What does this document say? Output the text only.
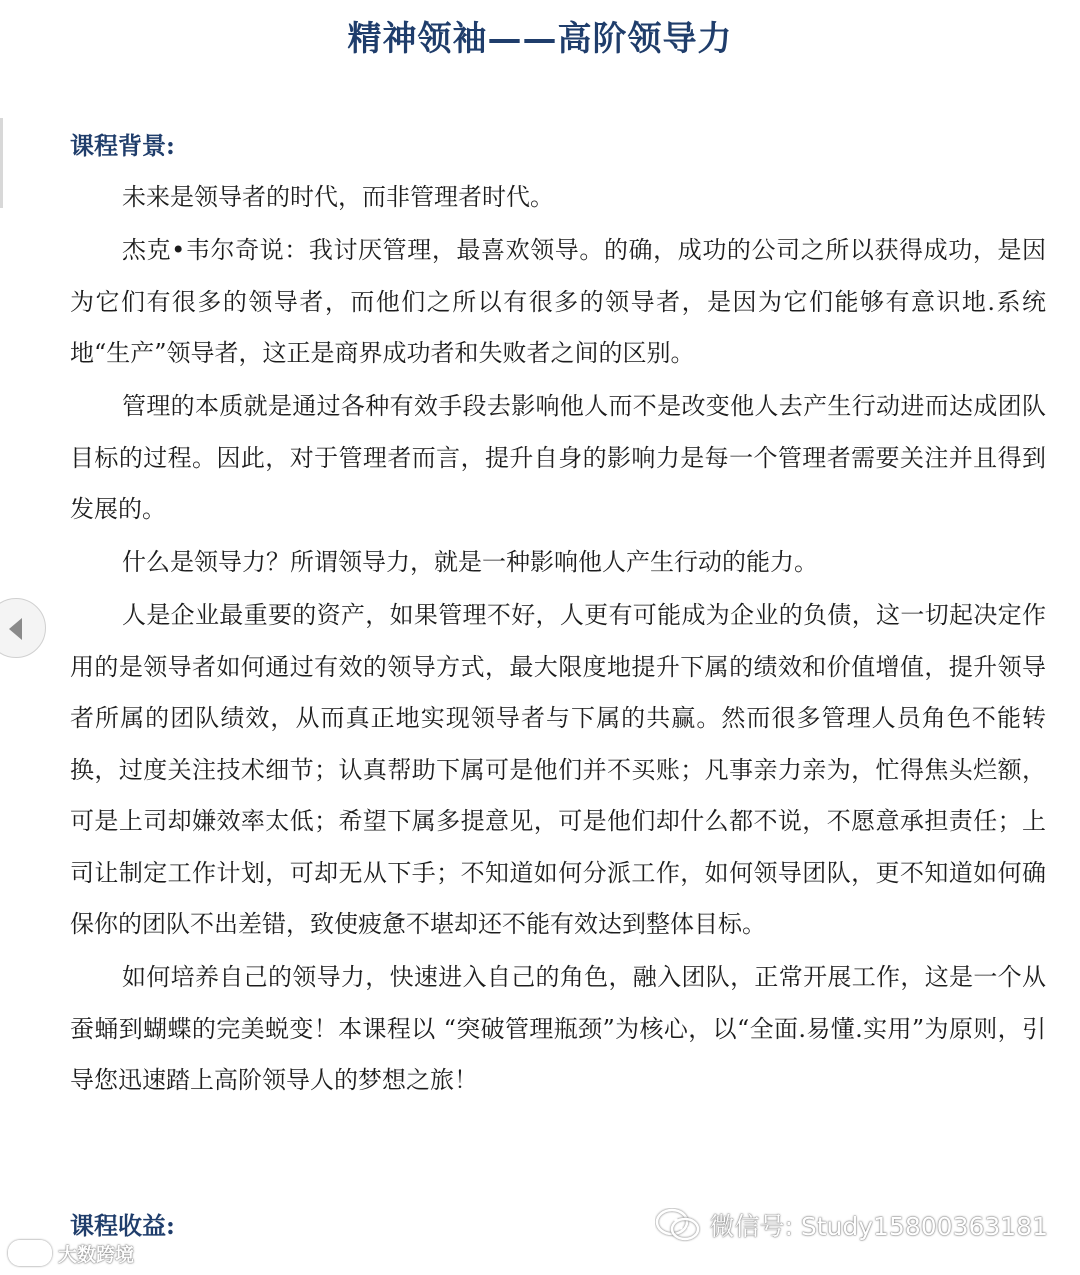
精神领袖——高阶领导力
课程背景:

未来是领导者的时代，而非管理者时代。

杰克•韦尔奇说：我讨厌管理，最喜欢领导。的确，成功的公司之所以获得成功，是因为它们有很多的领导者，而他们之所以有很多的领导者，是因为它们能够有意识地.系统地“生产”领导者，这正是商界成功者和失败者之间的区别。

管理的本质就是通过各种有效手段去影响他人而不是改变他人去产生行动进而达成团队目标的过程。因此，对于管理者而言，提升自身的影响力是每一个管理者需要关注并且得到发展的。

什么是领导力？所谓领导力，就是一种影响他人产生行动的能力。

人是企业最重要的资产，如果管理不好，人更有可能成为企业的负债，这一切起决定作用的是领导者如何通过有效的领导方式，最大限度地提升下属的绩效和价值增值，提升领导者所属的团队绩效，从而真正地实现领导者与下属的共赢。然而很多管理人员角色不能转换，过度关注技术细节；认真帮助下属可是他们并不买账；凡事亲力亲为，忙得焦头烂额，可是上司却嫌效率太低；希望下属多提意见，可是他们却什么都不说，不愿意承担责任；上司让制定工作计划，可却无从下手；不知道如何分派工作，如何领导团队，更不知道如何确保你的团队不出差错，致使疲惫不堪却还不能有效达到整体目标。

如何培养自己的领导力，快速进入自己的角色，融入团队，正常开展工作，这是一个从蚕蛹到蝴蝶的完美蜕变！本课程以 “突破管理瓶颈”为核心，以“全面.易懂.实用”为原则，引导您迅速踏上高阶领导人的梦想之旅！

课程收益:
大数跨境
微信号: Study15800363181
